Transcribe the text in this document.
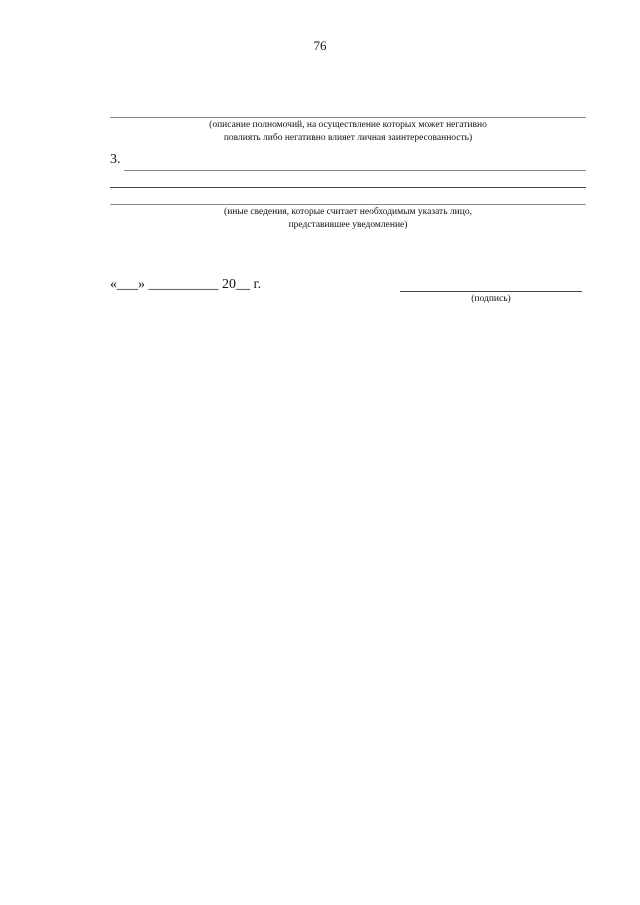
76
(описание полномочий, на осуществление которых может негативно
повлиять либо негативно влияет личная заинтересованность)
3.
(иные сведения, которые считает необходимым указать лицо,
представившее уведомление)
«___» __________ 20__ г.
(подпись)
